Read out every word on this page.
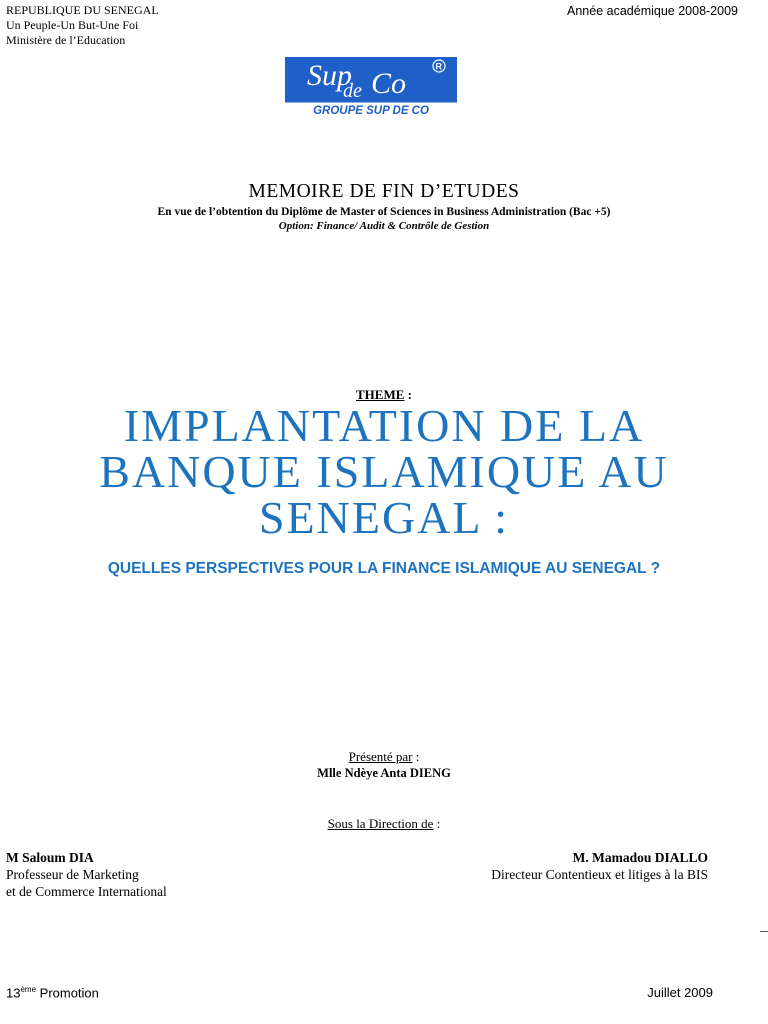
REPUBLIQUE DU SENEGAL
Un Peuple-Un But-Une Foi
Ministère de l’Education
Année académique 2008-2009
Sup
de Co
R
GROUPE SUP DE CO
MEMOIRE DE FIN D’ETUDES
En vue de l’obtention du Diplôme de Master of Sciences in Business Administration (Bac +5)
Option: Finance/ Audit & Contrôle de Gestion
THEME :
IMPLANTATION DE LA
BANQUE ISLAMIQUE AU
SENEGAL :
QUELLES PERSPECTIVES POUR LA FINANCE ISLAMIQUE AU SENEGAL ?
Présenté par :
Mlle Ndèye Anta DIENG
Sous la Direction de :
M Saloum DIA
Professeur de Marketing
et de Commerce International
M. Mamadou DIALLO
Directeur Contentieux et litiges à la BIS
13ème Promotion	Juillet 2009
